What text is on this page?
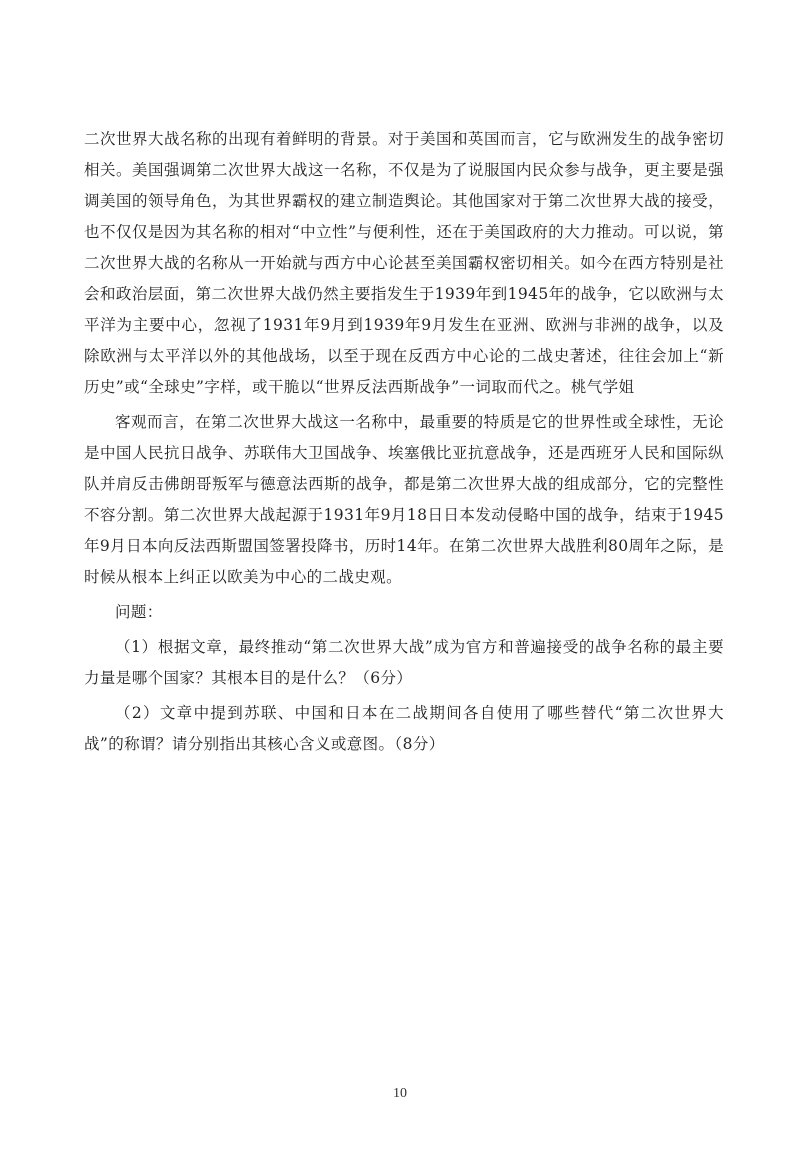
二次世界大战名称的出现有着鲜明的背景。对于美国和英国而言，它与欧洲发生的战争密切相关。美国强调第二次世界大战这一名称，不仅是为了说服国内民众参与战争，更主要是强调美国的领导角色，为其世界霸权的建立制造舆论。其他国家对于第二次世界大战的接受，也不仅仅是因为其名称的相对“中立性”与便利性，还在于美国政府的大力推动。可以说，第二次世界大战的名称从一开始就与西方中心论甚至美国霸权密切相关。如今在西方特别是社会和政治层面，第二次世界大战仍然主要指发生于1939年到1945年的战争，它以欧洲与太平洋为主要中心，忽视了1931年9月到1939年9月发生在亚洲、欧洲与非洲的战争，以及除欧洲与太平洋以外的其他战场，以至于现在反西方中心论的二战史著述，往往会加上“新历史”或“全球史”字样，或干脆以“世界反法西斯战争”一词取而代之。桃气学姐

客观而言，在第二次世界大战这一名称中，最重要的特质是它的世界性或全球性，无论是中国人民抗日战争、苏联伟大卫国战争、埃塞俄比亚抗意战争，还是西班牙人民和国际纵队并肩反击佛朗哥叛军与德意法西斯的战争，都是第二次世界大战的组成部分，它的完整性不容分割。第二次世界大战起源于1931年9月18日日本发动侵略中国的战争，结束于1945年9月日本向反法西斯盟国签署投降书，历时14年。在第二次世界大战胜利80周年之际，是时候从根本上纠正以欧美为中心的二战史观。

问题：

（1）根据文章，最终推动“第二次世界大战”成为官方和普遍接受的战争名称的最主要力量是哪个国家？其根本目的是什么？（6分）

（2）文章中提到苏联、中国和日本在二战期间各自使用了哪些替代“第二次世界大战”的称谓？请分别指出其核心含义或意图。（8分）

10
